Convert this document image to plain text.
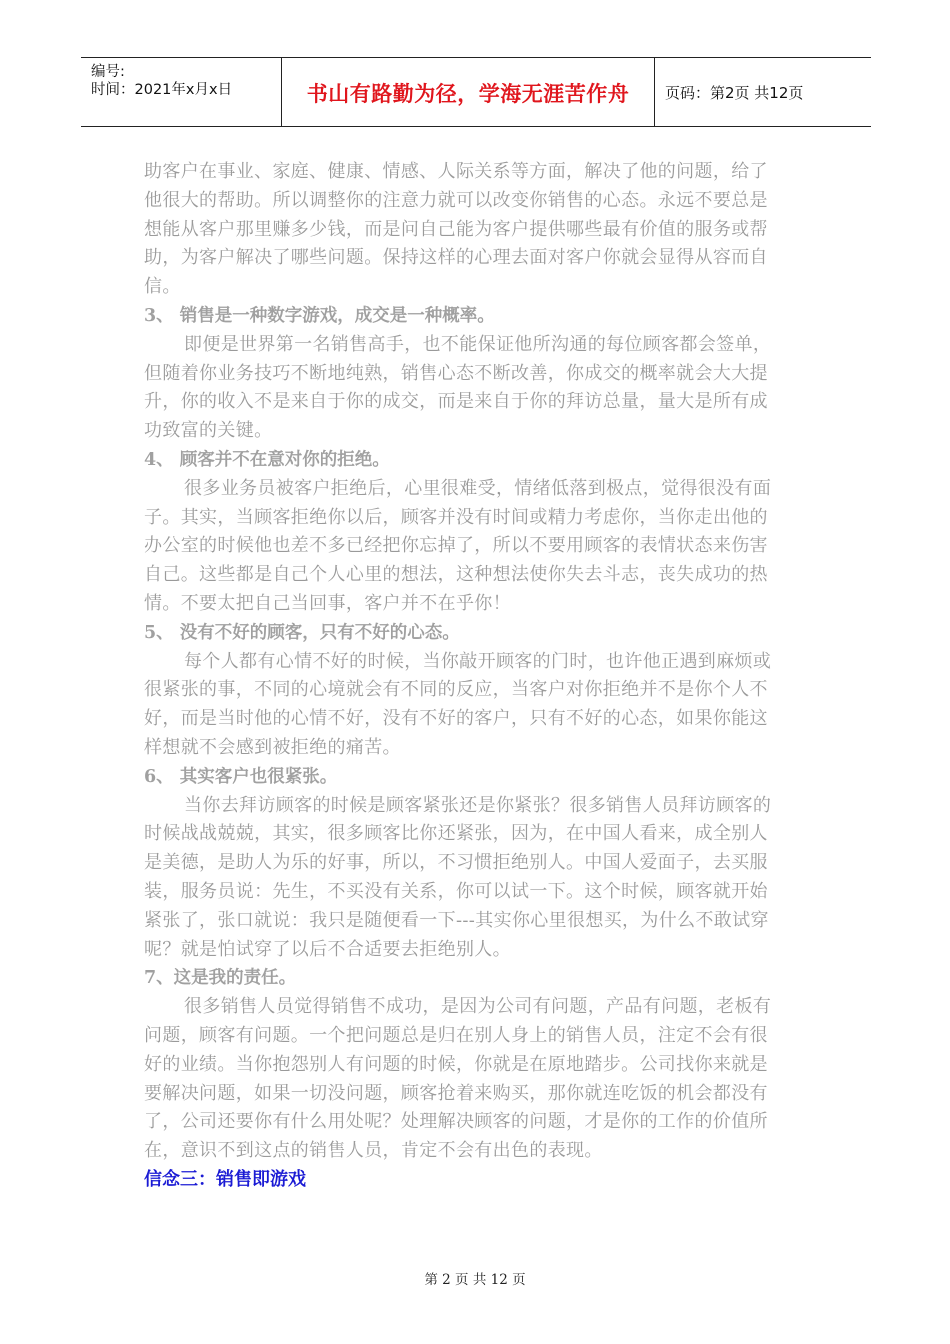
编号:
时间：2021年x月x日	书山有路勤为径，学海无涯苦作舟	页码：第2页 共12页
助客户在事业、家庭、健康、情感、人际关系等方面，解决了他的问题，给了
他很大的帮助。所以调整你的注意力就可以改变你销售的心态。永远不要总是
想能从客户那里赚多少钱，而是问自己能为客户提供哪些最有价值的服务或帮
助，为客户解决了哪些问题。保持这样的心理去面对客户你就会显得从容而自
信。
3、 销售是一种数字游戏，成交是一种概率。
即便是世界第一名销售高手，也不能保证他所沟通的每位顾客都会签单，
但随着你业务技巧不断地纯熟，销售心态不断改善，你成交的概率就会大大提
升，你的收入不是来自于你的成交，而是来自于你的拜访总量，量大是所有成
功致富的关键。
4、 顾客并不在意对你的拒绝。
很多业务员被客户拒绝后，心里很难受，情绪低落到极点，觉得很没有面
子。其实，当顾客拒绝你以后，顾客并没有时间或精力考虑你，当你走出他的
办公室的时候他也差不多已经把你忘掉了，所以不要用顾客的表情状态来伤害
自己。这些都是自己个人心里的想法，这种想法使你失去斗志，丧失成功的热
情。不要太把自己当回事，客户并不在乎你！
5、 没有不好的顾客，只有不好的心态。
每个人都有心情不好的时候，当你敲开顾客的门时，也许他正遇到麻烦或
很紧张的事，不同的心境就会有不同的反应，当客户对你拒绝并不是你个人不
好，而是当时他的心情不好，没有不好的客户，只有不好的心态，如果你能这
样想就不会感到被拒绝的痛苦。
6、 其实客户也很紧张。
当你去拜访顾客的时候是顾客紧张还是你紧张？很多销售人员拜访顾客的
时候战战兢兢，其实，很多顾客比你还紧张，因为，在中国人看来，成全别人
是美德，是助人为乐的好事，所以，不习惯拒绝别人。中国人爱面子，去买服
装，服务员说：先生，不买没有关系，你可以试一下。这个时候，顾客就开始
紧张了，张口就说：我只是随便看一下---其实你心里很想买，为什么不敢试穿
呢？就是怕试穿了以后不合适要去拒绝别人。
7、这是我的责任。
很多销售人员觉得销售不成功，是因为公司有问题，产品有问题，老板有
问题，顾客有问题。一个把问题总是归在别人身上的销售人员，注定不会有很
好的业绩。当你抱怨别人有问题的时候，你就是在原地踏步。公司找你来就是
要解决问题，如果一切没问题，顾客抢着来购买，那你就连吃饭的机会都没有
了，公司还要你有什么用处呢？处理解决顾客的问题，才是你的工作的价值所
在，意识不到这点的销售人员，肯定不会有出色的表现。
信念三：销售即游戏
第 2 页 共 12 页
